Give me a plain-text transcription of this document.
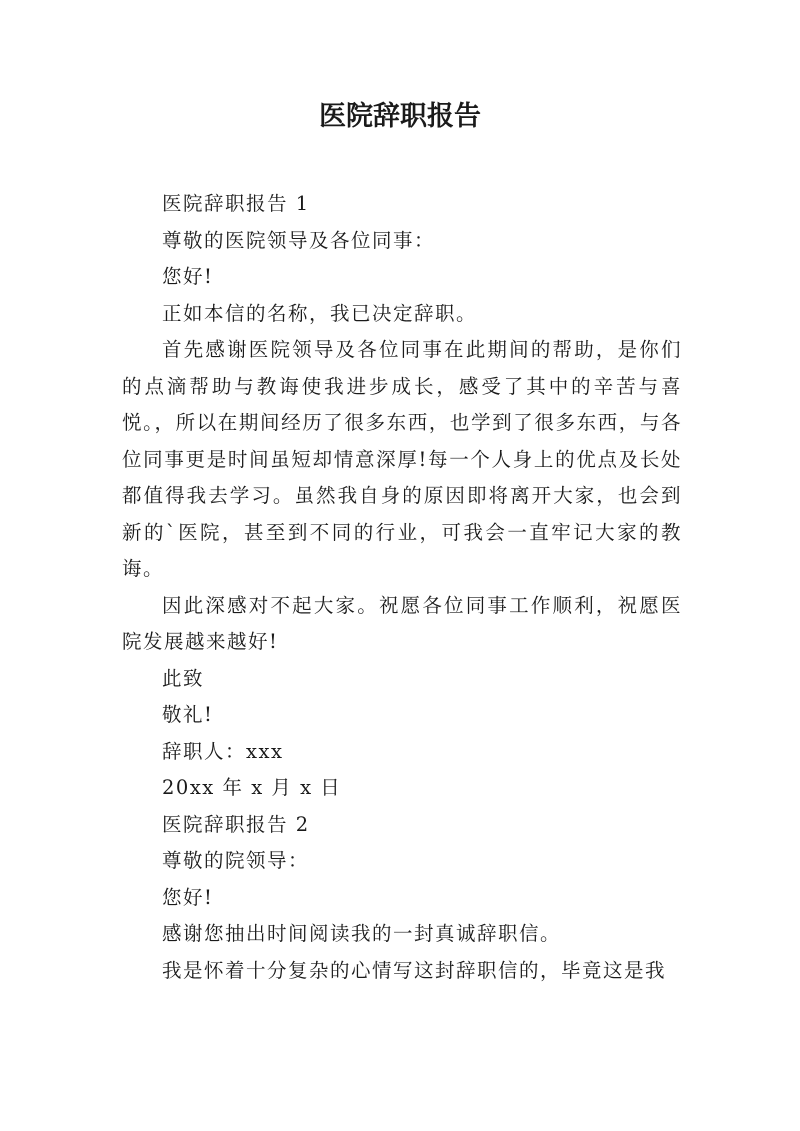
医院辞职报告

医院辞职报告 1

尊敬的医院领导及各位同事：

您好!

正如本信的名称，我已决定辞职。

首先感谢医院领导及各位同事在此期间的帮助，是你们的点滴帮助与教诲使我进步成长，感受了其中的辛苦与喜悦。，所以在期间经历了很多东西，也学到了很多东西，与各位同事更是时间虽短却情意深厚!每一个人身上的优点及长处都值得我去学习。虽然我自身的原因即将离开大家，也会到新的`医院，甚至到不同的行业，可我会一直牢记大家的教诲。

因此深感对不起大家。祝愿各位同事工作顺利，祝愿医院发展越来越好!

此致

敬礼!

辞职人：xxx

20xx 年 x 月 x 日

医院辞职报告 2

尊敬的院领导：

您好!

感谢您抽出时间阅读我的一封真诚辞职信。

我是怀着十分复杂的心情写这封辞职信的，毕竟这是我
